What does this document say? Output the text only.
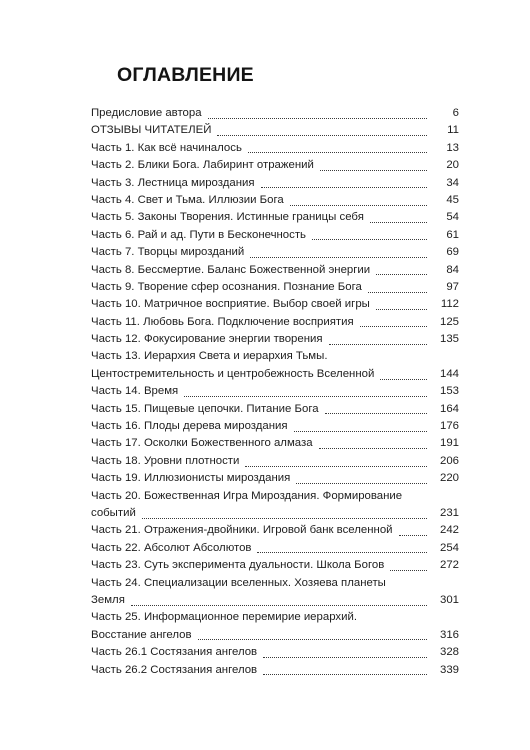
ОГЛАВЛЕНИЕ
Предисловие автора	6
ОТЗЫВЫ ЧИТАТЕЛЕЙ	11
Часть 1. Как всё начиналось	13
Часть 2. Блики Бога. Лабиринт отражений	20
Часть 3. Лестница мироздания	34
Часть 4. Свет и Тьма. Иллюзии Бога	45
Часть 5. Законы Творения. Истинные границы себя	54
Часть 6. Рай и ад. Пути в Бесконечность	61
Часть 7. Творцы мирозданий	69
Часть 8. Бессмертие. Баланс Божественной энергии	84
Часть 9. Творение сфер осознания. Познание Бога	97
Часть 10. Матричное восприятие. Выбор своей игры	112
Часть 11. Любовь Бога. Подключение восприятия	125
Часть 12. Фокусирование энергии творения	135
Часть 13. Иерархия Света и иерархия Тьмы.
Центостремительность и центробежность Вселенной	144
Часть 14. Время	153
Часть 15. Пищевые цепочки. Питание Бога	164
Часть 16. Плоды дерева мироздания	176
Часть 17. Осколки Божественного алмаза	191
Часть 18. Уровни плотности	206
Часть 19. Иллюзионисты мироздания	220
Часть 20. Божественная Игра Мироздания. Формирование
событий	231
Часть 21. Отражения-двойники. Игровой банк вселенной	242
Часть 22. Абсолют Абсолютов	254
Часть 23. Суть эксперимента дуальности. Школа Богов	272
Часть 24. Специализации вселенных. Хозяева планеты
Земля	301
Часть 25. Информационное перемирие иерархий.
Восстание ангелов	316
Часть 26.1 Состязания ангелов	328
Часть 26.2 Состязания ангелов	339
